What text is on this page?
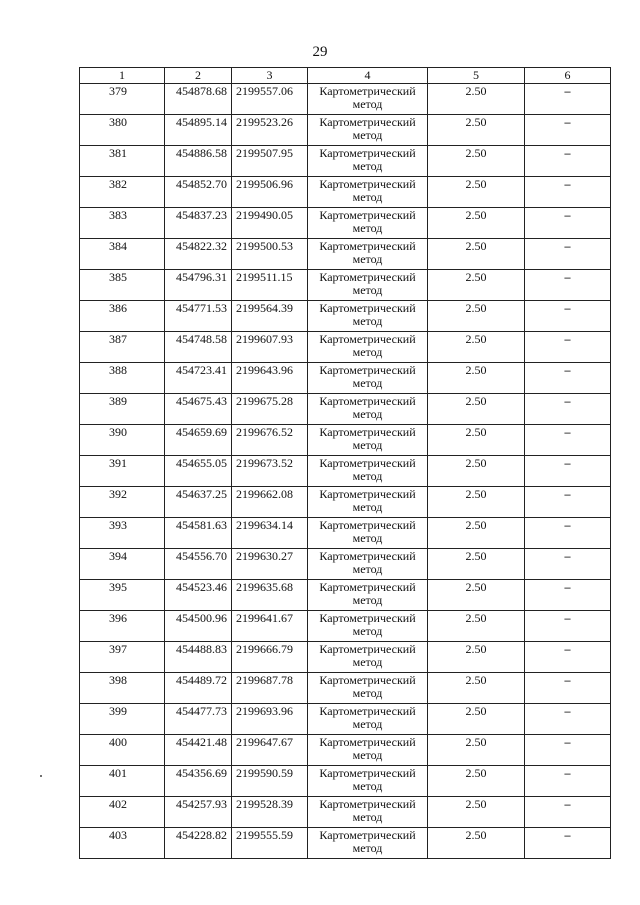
29
1	2	3	4	5	6
379	454878.68	2199557.06	Картометрический метод	2.50	–
380	454895.14	2199523.26	Картометрический метод	2.50	–
381	454886.58	2199507.95	Картометрический метод	2.50	–
382	454852.70	2199506.96	Картометрический метод	2.50	–
383	454837.23	2199490.05	Картометрический метод	2.50	–
384	454822.32	2199500.53	Картометрический метод	2.50	–
385	454796.31	2199511.15	Картометрический метод	2.50	–
386	454771.53	2199564.39	Картометрический метод	2.50	–
387	454748.58	2199607.93	Картометрический метод	2.50	–
388	454723.41	2199643.96	Картометрический метод	2.50	–
389	454675.43	2199675.28	Картометрический метод	2.50	–
390	454659.69	2199676.52	Картометрический метод	2.50	–
391	454655.05	2199673.52	Картометрический метод	2.50	–
392	454637.25	2199662.08	Картометрический метод	2.50	–
393	454581.63	2199634.14	Картометрический метод	2.50	–
394	454556.70	2199630.27	Картометрический метод	2.50	–
395	454523.46	2199635.68	Картометрический метод	2.50	–
396	454500.96	2199641.67	Картометрический метод	2.50	–
397	454488.83	2199666.79	Картометрический метод	2.50	–
398	454489.72	2199687.78	Картометрический метод	2.50	–
399	454477.73	2199693.96	Картометрический метод	2.50	–
400	454421.48	2199647.67	Картометрический метод	2.50	–
401	454356.69	2199590.59	Картометрический метод	2.50	–
402	454257.93	2199528.39	Картометрический метод	2.50	–
403	454228.82	2199555.59	Картометрический метод	2.50	–
